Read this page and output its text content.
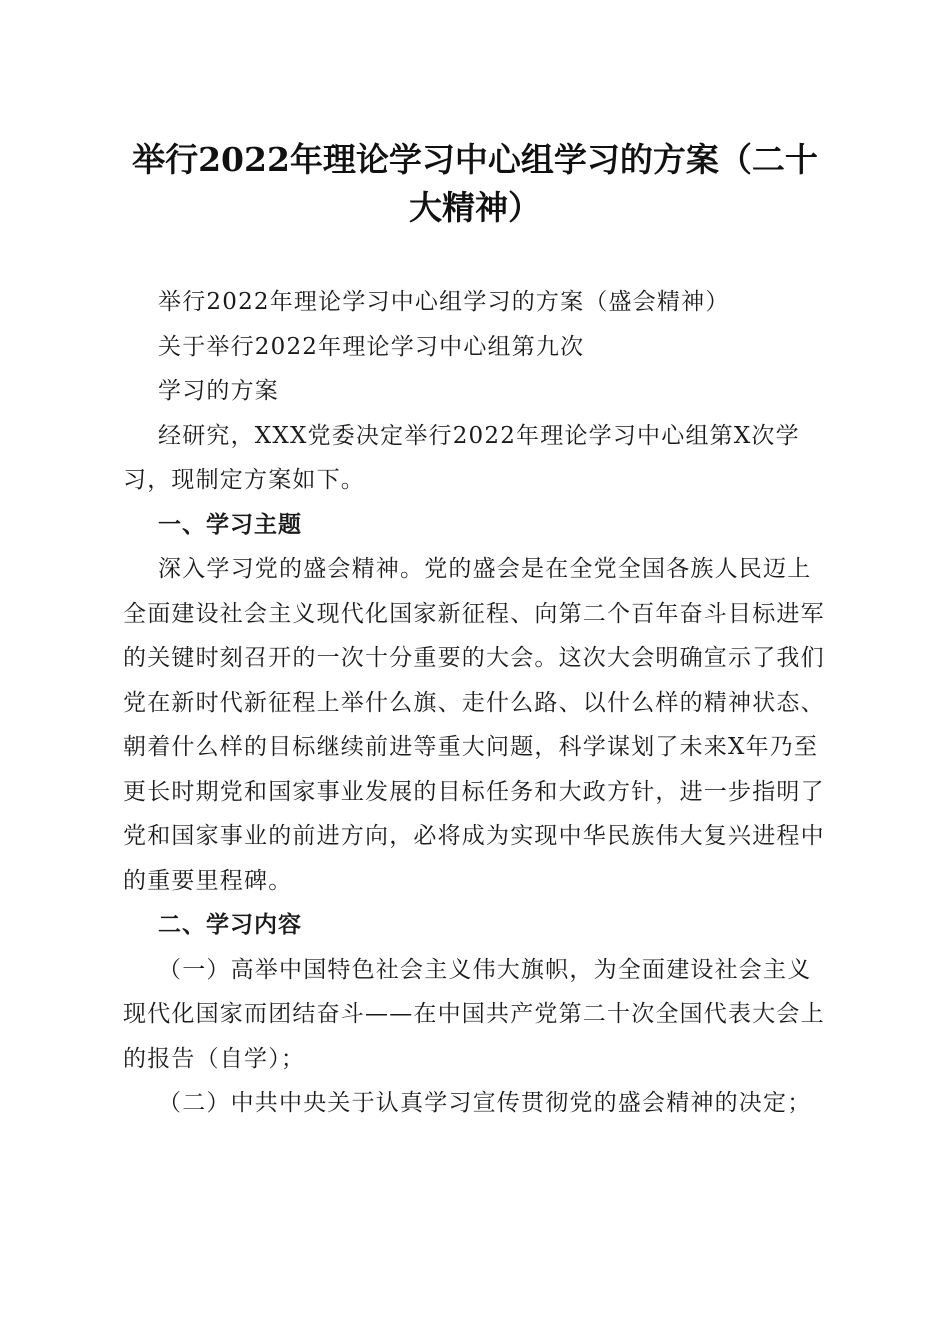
举行2022年理论学习中心组学习的方案（二十大精神）

举行2022年理论学习中心组学习的方案（盛会精神）

关于举行2022年理论学习中心组第九次

学习的方案

经研究，XXX党委决定举行2022年理论学习中心组第X次学习，现制定方案如下。

一、学习主题

深入学习党的盛会精神。党的盛会是在全党全国各族人民迈上全面建设社会主义现代化国家新征程、向第二个百年奋斗目标进军的关键时刻召开的一次十分重要的大会。这次大会明确宣示了我们党在新时代新征程上举什么旗、走什么路、以什么样的精神状态、朝着什么样的目标继续前进等重大问题，科学谋划了未来X年乃至更长时期党和国家事业发展的目标任务和大政方针，进一步指明了党和国家事业的前进方向，必将成为实现中华民族伟大复兴进程中的重要里程碑。

二、学习内容

（一）高举中国特色社会主义伟大旗帜，为全面建设社会主义现代化国家而团结奋斗——在中国共产党第二十次全国代表大会上的报告（自学）；

（二）中共中央关于认真学习宣传贯彻党的盛会精神的决定；
